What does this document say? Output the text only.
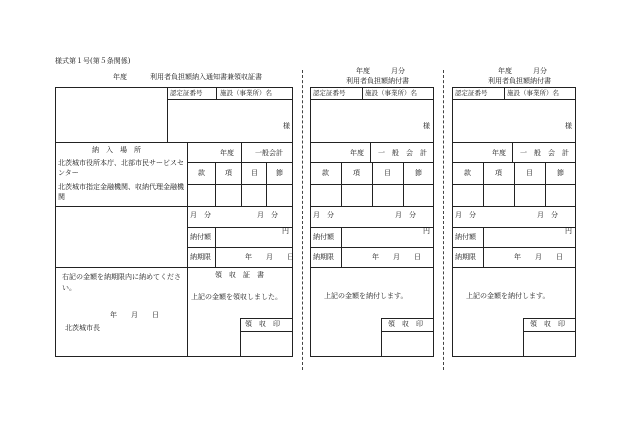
様式第１号(第５条関係)
年度	利用者負担額納入通知書兼領収証書
認定証番号	施設（事業所）名
様
納　入　場　所
北茨城市役所本庁、北部市民サービスセンター
北茨城市指定金融機関、収納代理金融機関
年度	一般会計
款	項	目	節
月　分	月　分
納付額
円
納期限	年　　月　　日
右記の金額を納期限内に納めてください。
年　　月　　日
北茨城市長
領　収　証　書
上記の金額を領収しました。
領　収　印
年度　　　月分
利用者負担額納付書
認定証番号	施設（事業所）名
様
年度 一　般　会　計
款	項	目	節
月　分	月　分
納付額
円
納期限	年　　月　　日
上記の金額を納付します。
領　収　印
年度　　　月分
利用者負担額納付書
認定証番号	施設（事業所）名
様
年度 一　般　会　計
款	項	目	節
月　分	月　分
納付額
円
納期限	年　　月　　日
上記の金額を納付します。
領　収　印
